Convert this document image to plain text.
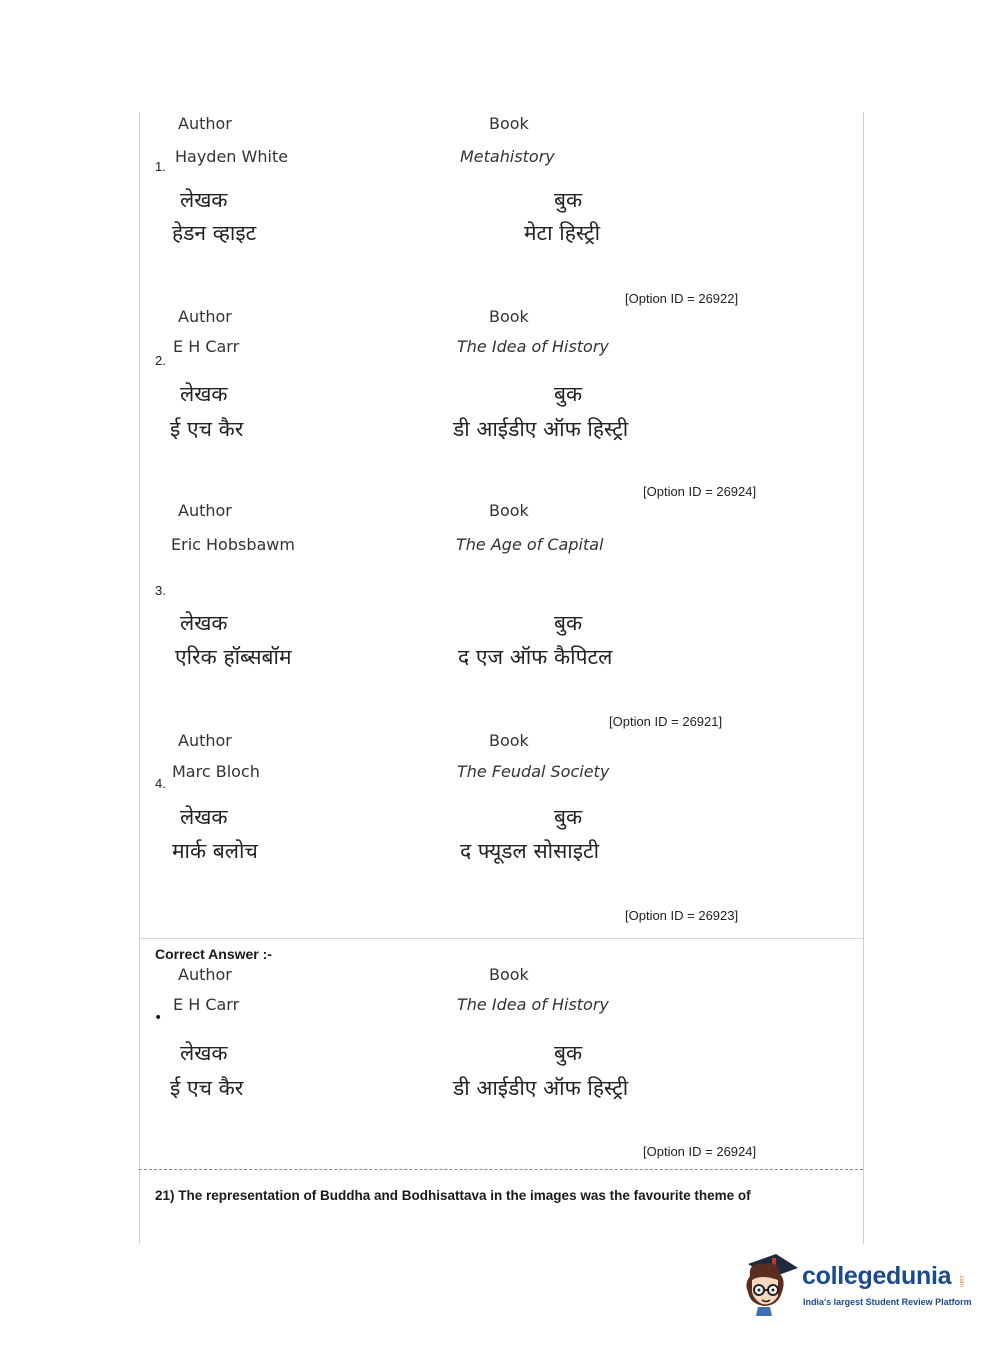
Author	Book
1.
Hayden White	Metahistory
लेखक	बुक
हेडन व्हाइट	मेटा हिस्ट्री
[Option ID = 26922]
Author	Book
2.
E H Carr	The Idea of History
लेखक	बुक
ई एच कैर	डी आईडीए ऑफ हिस्ट्री
[Option ID = 26924]
Author	Book
Eric Hobsbawm	The Age of Capital
3.
लेखक	बुक
एरिक हॉब्सबॉम	द एज ऑफ कैपिटल
[Option ID = 26921]
Author	Book
4.
Marc Bloch	The Feudal Society
लेखक	बुक
मार्क बलोच	द फ्यूडल सोसाइटी
[Option ID = 26923]
Correct Answer :-
Author	Book
•
E H Carr	The Idea of History
लेखक	बुक
ई एच कैर	डी आईडीए ऑफ हिस्ट्री
[Option ID = 26924]
21) The representation of Buddha and Bodhisattava in the images was the favourite theme of
collegedunia .com
India's largest Student Review Platform
